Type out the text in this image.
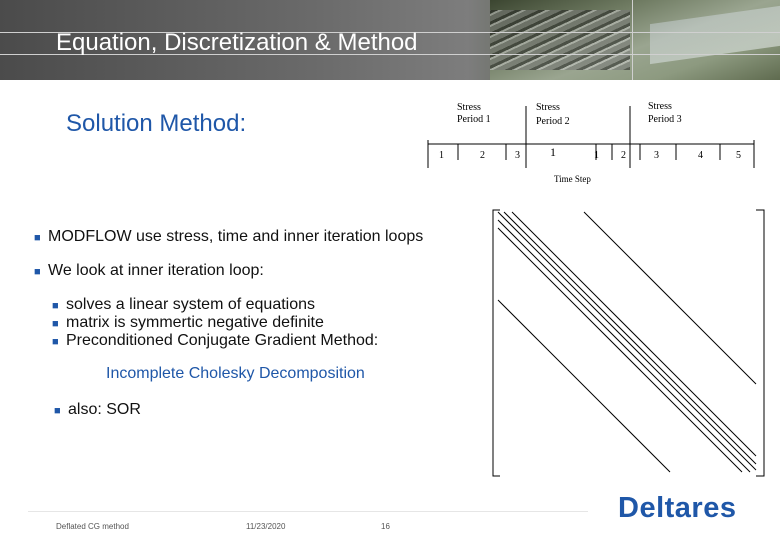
Equation, Discretization & Method
Solution Method:
Stress
Period 1
Stress
Period 2
Stress
Period 3
1	2	3	1	1 2	3	4	5
Time Step
■ MODFLOW use stress, time and inner iteration loops
■ We look at inner iteration loop:
■ solves a linear system of equations
■ matrix is symmertic negative definite
■ Preconditioned Conjugate Gradient Method:
Incomplete Cholesky Decomposition
■ also: SOR
Deflated CG method	11/23/2020	16
Deltares
